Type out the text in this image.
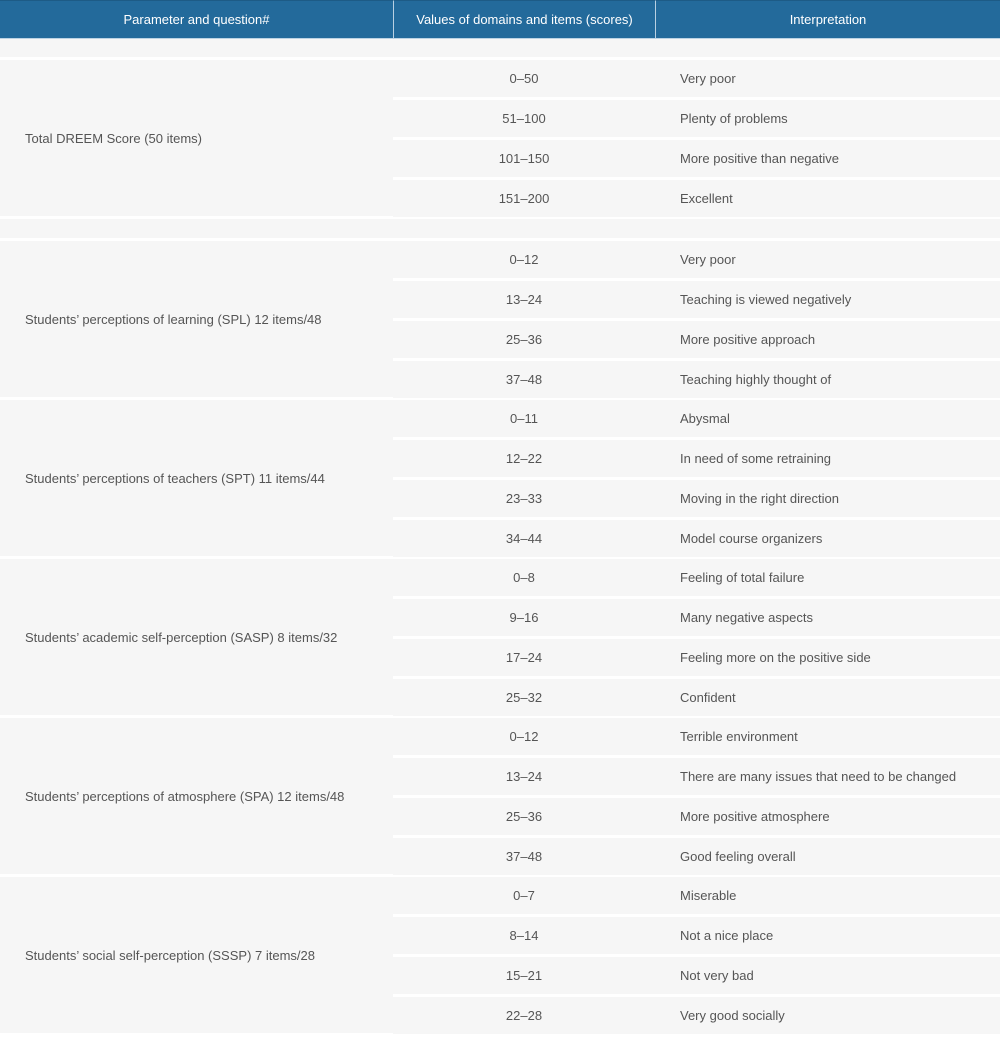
Parameter and question#	Values of domains and items (scores)	Interpretation

Total DREEM Score (50 items)	0–50	Very poor
	51–100	Plenty of problems
	101–150	More positive than negative
	151–200	Excellent

Students’ perceptions of learning (SPL) 12 items/48	0–12	Very poor
	13–24	Teaching is viewed negatively
	25–36	More positive approach
	37–48	Teaching highly thought of
Students’ perceptions of teachers (SPT) 11 items/44	0–11	Abysmal
	12–22	In need of some retraining
	23–33	Moving in the right direction
	34–44	Model course organizers
Students’ academic self-perception (SASP) 8 items/32	0–8	Feeling of total failure
	9–16	Many negative aspects
	17–24	Feeling more on the positive side
	25–32	Confident
Students’ perceptions of atmosphere (SPA) 12 items/48	0–12	Terrible environment
	13–24	There are many issues that need to be changed
	25–36	More positive atmosphere
	37–48	Good feeling overall
Students’ social self-perception (SSSP) 7 items/28	0–7	Miserable
	8–14	Not a nice place
	15–21	Not very bad
	22–28	Very good socially
